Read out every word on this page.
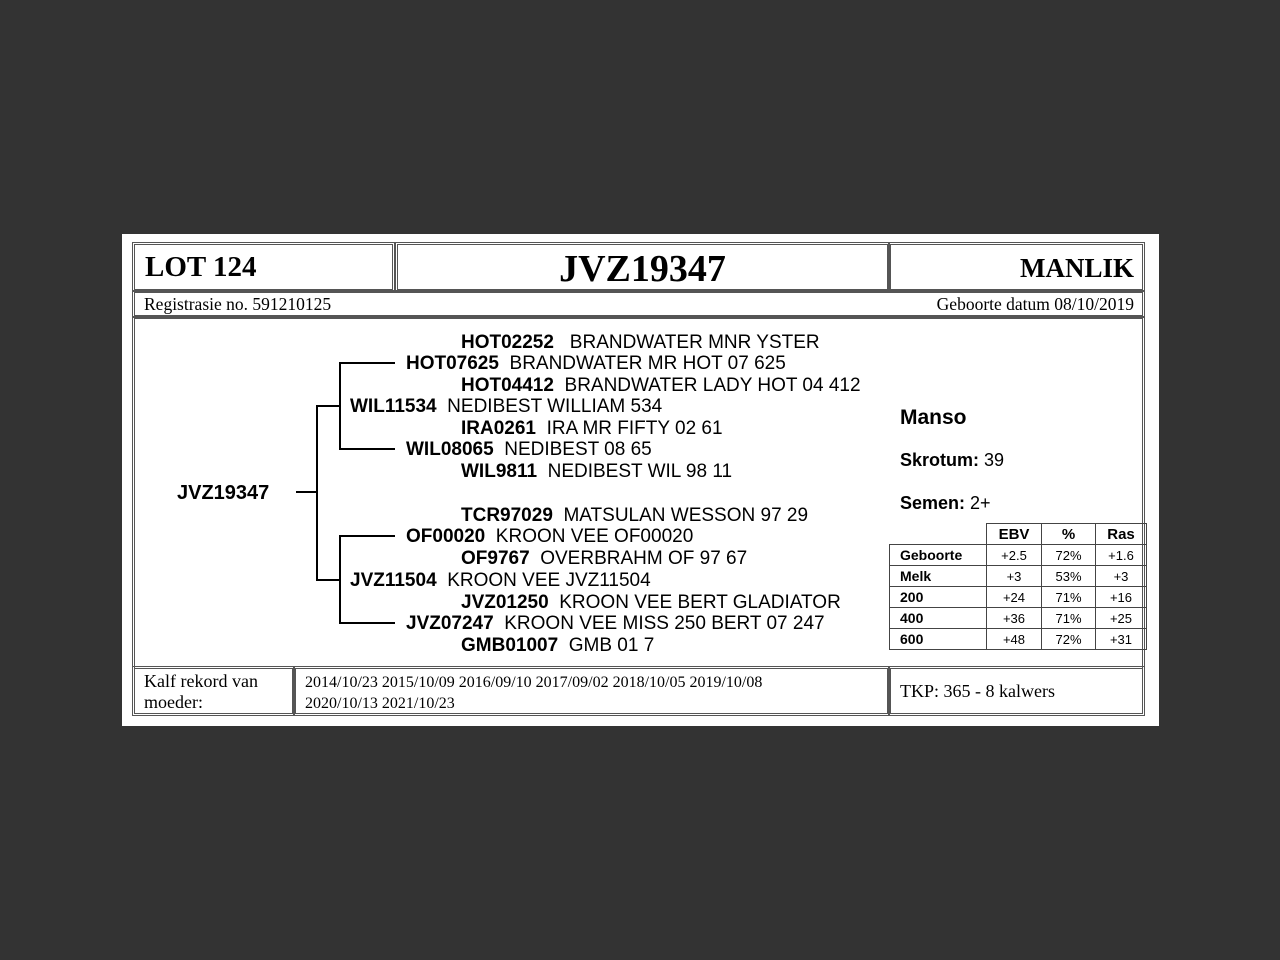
LOT 124	JVZ19347	MANLIK
Registrasie no. 591210125	Geboorte datum 08/10/2019
JVZ19347
HOT02252 BRANDWATER MNR YSTER
HOT07625 BRANDWATER MR HOT 07 625
HOT04412 BRANDWATER LADY HOT 04 412
WIL11534 NEDIBEST WILLIAM 534
IRA0261 IRA MR FIFTY 02 61
WIL08065 NEDIBEST 08 65
WIL9811 NEDIBEST WIL 98 11
TCR97029 MATSULAN WESSON 97 29
OF00020 KROON VEE OF00020
OF9767 OVERBRAHM OF 97 67
JVZ11504 KROON VEE JVZ11504
JVZ01250 KROON VEE BERT GLADIATOR
JVZ07247 KROON VEE MISS 250 BERT 07 247
GMB01007 GMB 01 7
Manso
Skrotum: 39
Semen: 2+
	EBV	%	Ras
Geboorte	+2.5	72%	+1.6
Melk	+3	53%	+3
200	+24	71%	+16
400	+36	71%	+25
600	+48	72%	+31
Kalf rekord van
moeder:
2014/10/23 2015/10/09 2016/09/10 2017/09/02 2018/10/05 2019/10/08
2020/10/13 2021/10/23
TKP: 365 - 8 kalwers
